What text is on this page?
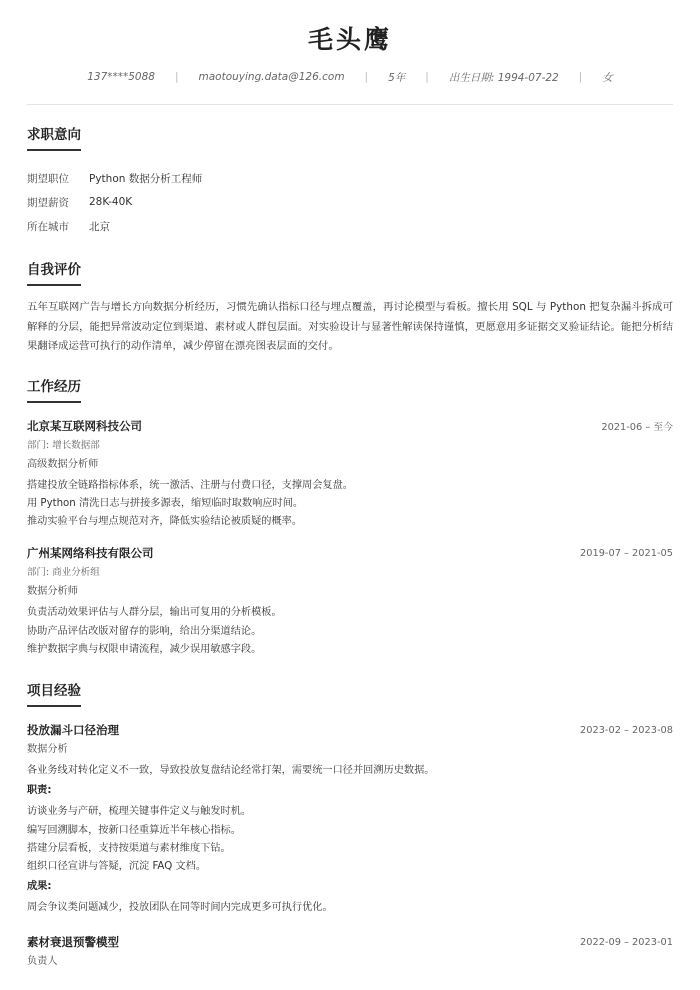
毛头鹰
137****5088 | maotouying.data@126.com | 5年 | 出生日期: 1994-07-22 | 女
求职意向
期望职位	Python 数据分析工程师
期望薪资	28K-40K
所在城市	北京
自我评价
五年互联网广告与增长方向数据分析经历，习惯先确认指标口径与埋点覆盖，再讨论模型与看板。擅长用 SQL 与 Python 把复杂漏斗拆成可解释的分层，能把异常波动定位到渠道、素材或人群包层面。对实验设计与显著性解读保持谨慎，更愿意用多证据交叉验证结论。能把分析结果翻译成运营可执行的动作清单，减少停留在漂亮图表层面的交付。
工作经历
北京某互联网科技公司	2021-06 – 至今
部门: 增长数据部
高级数据分析师
搭建投放全链路指标体系，统一激活、注册与付费口径，支撑周会复盘。
用 Python 清洗日志与拼接多源表，缩短临时取数响应时间。
推动实验平台与埋点规范对齐，降低实验结论被质疑的概率。
广州某网络科技有限公司	2019-07 – 2021-05
部门: 商业分析组
数据分析师
负责活动效果评估与人群分层，输出可复用的分析模板。
协助产品评估改版对留存的影响，给出分渠道结论。
维护数据字典与权限申请流程，减少误用敏感字段。
项目经验
投放漏斗口径治理	2023-02 – 2023-08
数据分析
各业务线对转化定义不一致，导致投放复盘结论经常打架，需要统一口径并回溯历史数据。
职责:
访谈业务与产研，梳理关键事件定义与触发时机。
编写回溯脚本，按新口径重算近半年核心指标。
搭建分层看板，支持按渠道与素材维度下钻。
组织口径宣讲与答疑，沉淀 FAQ 文档。
成果:
周会争议类问题减少，投放团队在同等时间内完成更多可执行优化。
素材衰退预警模型	2022-09 – 2023-01
负责人
